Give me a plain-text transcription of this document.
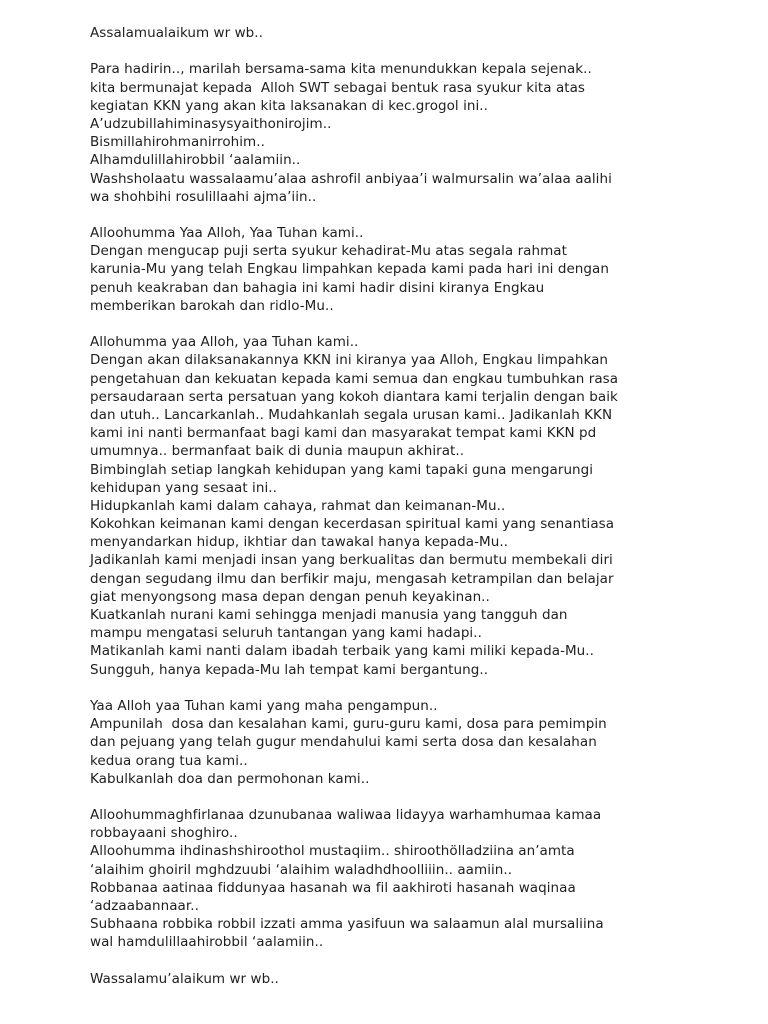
Assalamualaikum wr wb..
Para hadirin.., marilah bersama-sama kita menundukkan kepala sejenak..
kita bermunajat kepada  Alloh SWT sebagai bentuk rasa syukur kita atas
kegiatan KKN yang akan kita laksanakan di kec.grogol ini..
A’udzubillahiminasysyaithonirojim..
Bismillahirohmanirrohim..
Alhamdulillahirobbil ‘aalamiin..
Washsholaatu wassalaamu’alaa ashrofil anbiyaa’i walmursalin wa’alaa aalihi
wa shohbihi rosulillaahi ajma’iin..
Alloohumma Yaa Alloh, Yaa Tuhan kami..
Dengan mengucap puji serta syukur kehadirat-Mu atas segala rahmat
karunia-Mu yang telah Engkau limpahkan kepada kami pada hari ini dengan
penuh keakraban dan bahagia ini kami hadir disini kiranya Engkau
memberikan barokah dan ridlo-Mu..
Allohumma yaa Alloh, yaa Tuhan kami..
Dengan akan dilaksanakannya KKN ini kiranya yaa Alloh, Engkau limpahkan
pengetahuan dan kekuatan kepada kami semua dan engkau tumbuhkan rasa
persaudaraan serta persatuan yang kokoh diantara kami terjalin dengan baik
dan utuh.. Lancarkanlah.. Mudahkanlah segala urusan kami.. Jadikanlah KKN
kami ini nanti bermanfaat bagi kami dan masyarakat tempat kami KKN pd
umumnya.. bermanfaat baik di dunia maupun akhirat..
Bimbinglah setiap langkah kehidupan yang kami tapaki guna mengarungi
kehidupan yang sesaat ini..
Hidupkanlah kami dalam cahaya, rahmat dan keimanan-Mu..
Kokohkan keimanan kami dengan kecerdasan spiritual kami yang senantiasa
menyandarkan hidup, ikhtiar dan tawakal hanya kepada-Mu..
Jadikanlah kami menjadi insan yang berkualitas dan bermutu membekali diri
dengan segudang ilmu dan berfikir maju, mengasah ketrampilan dan belajar
giat menyongsong masa depan dengan penuh keyakinan..
Kuatkanlah nurani kami sehingga menjadi manusia yang tangguh dan
mampu mengatasi seluruh tantangan yang kami hadapi..
Matikanlah kami nanti dalam ibadah terbaik yang kami miliki kepada-Mu..
Sungguh, hanya kepada-Mu lah tempat kami bergantung..
Yaa Alloh yaa Tuhan kami yang maha pengampun..
Ampunilah  dosa dan kesalahan kami, guru-guru kami, dosa para pemimpin
dan pejuang yang telah gugur mendahului kami serta dosa dan kesalahan
kedua orang tua kami..
Kabulkanlah doa dan permohonan kami..
Alloohummaghfirlanaa dzunubanaa waliwaa lidayya warhamhumaa kamaa
robbayaani shoghiro..
Alloohumma ihdinashshiroothol mustaqiim.. shiroothölladziina an’amta
‘alaihim ghoiril mghdzuubi ‘alaihim waladhdhoolliiin.. aamiin..
Robbanaa aatinaa fiddunyaa hasanah wa fil aakhiroti hasanah waqinaa
‘adzaabannaar..
Subhaana robbika robbil izzati amma yasifuun wa salaamun alal mursaliina
wal hamdulillaahirobbil ‘aalamiin..
Wassalamu’alaikum wr wb..
